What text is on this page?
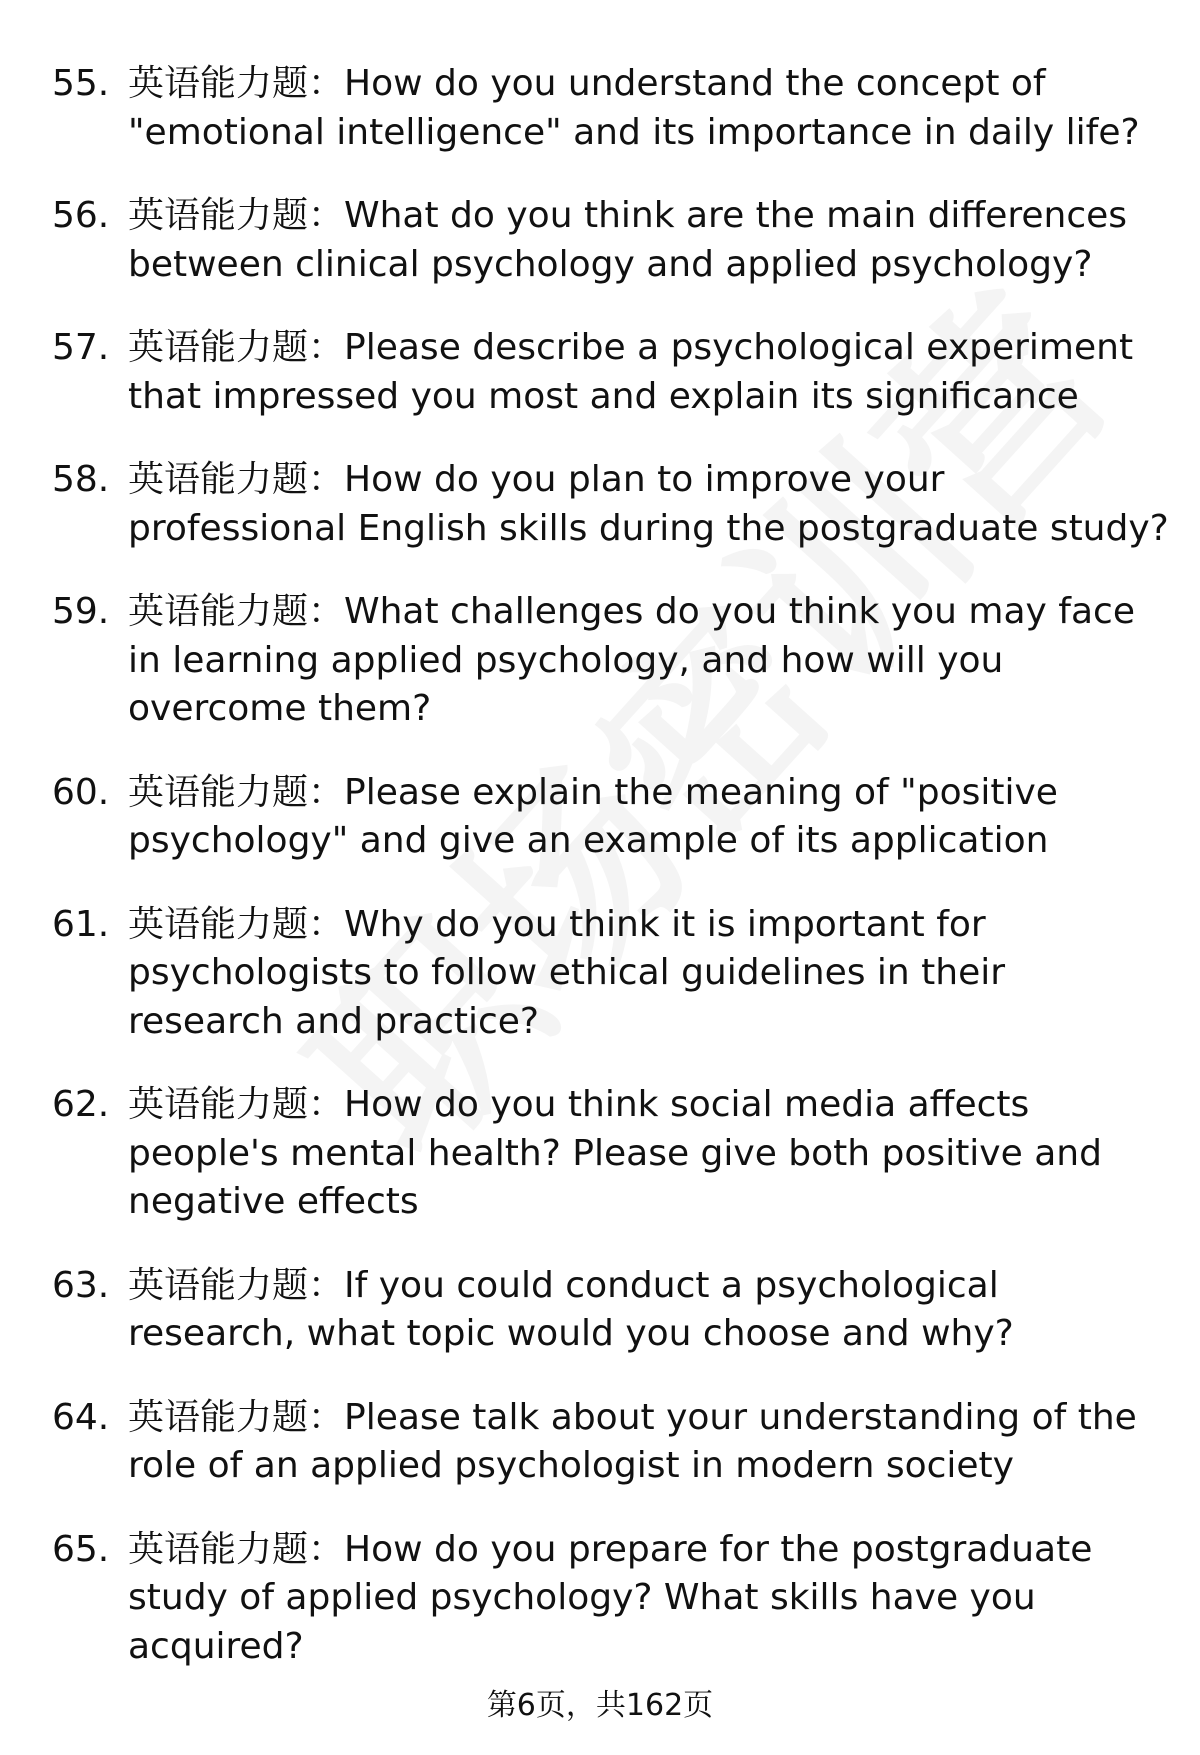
55. 英语能力题：How do you understand the concept of "emotional intelligence" and its importance in daily life?
56. 英语能力题：What do you think are the main differences between clinical psychology and applied psychology?
57. 英语能力题：Please describe a psychological experiment that impressed you most and explain its significance
58. 英语能力题：How do you plan to improve your professional English skills during the postgraduate study?
59. 英语能力题：What challenges do you think you may face in learning applied psychology, and how will you overcome them?
60. 英语能力题：Please explain the meaning of "positive psychology" and give an example of its application
61. 英语能力题：Why do you think it is important for psychologists to follow ethical guidelines in their research and practice?
62. 英语能力题：How do you think social media affects people's mental health? Please give both positive and negative effects
63. 英语能力题：If you could conduct a psychological research, what topic would you choose and why?
64. 英语能力题：Please talk about your understanding of the role of an applied psychologist in modern society
65. 英语能力题：How do you prepare for the postgraduate study of applied psychology? What skills have you acquired?
第6页，共162页
